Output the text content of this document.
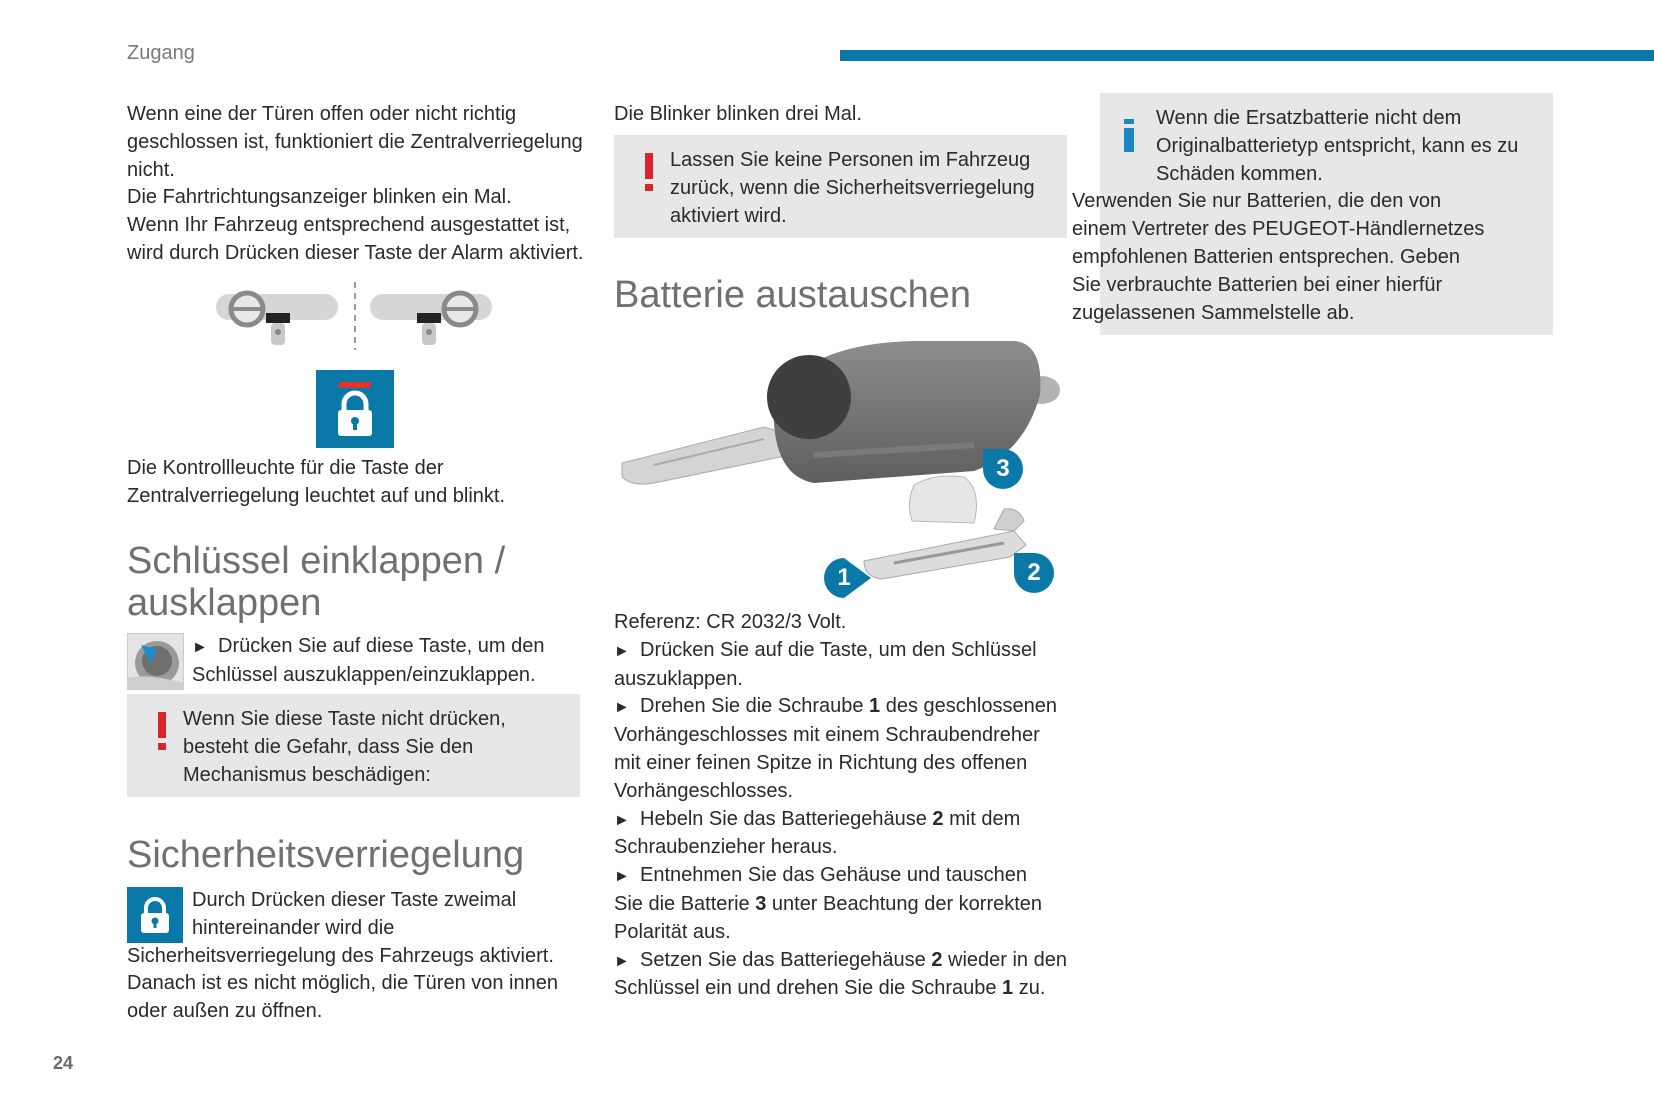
Zugang

Wenn eine der Türen offen oder nicht richtig

geschlossen ist, funktioniert die Zentralverriegelung

nicht.

Die Fahrtrichtungsanzeiger blinken ein Mal.

Wenn Ihr Fahrzeug entsprechend ausgestattet ist,

wird durch Drücken dieser Taste der Alarm aktiviert.

Die Kontrollleuchte für die Taste der

Zentralverriegelung leuchtet auf und blinkt.

Schlüssel einklappen /
ausklappen

► Drücken Sie auf diese Taste, um den

Schlüssel auszuklappen/einzuklappen.

Wenn Sie diese Taste nicht drücken,
besteht die Gefahr, dass Sie den
Mechanismus beschädigen:
Sicherheitsverriegelung

Durch Drücken dieser Taste zweimal

hintereinander wird die

Sicherheitsverriegelung des Fahrzeugs aktiviert.

Danach ist es nicht möglich, die Türen von innen

oder außen zu öffnen.

Die Blinker blinken drei Mal.
Lassen Sie keine Personen im Fahrzeug
zurück, wenn die Sicherheitsverriegelung
aktiviert wird.
Batterie austauschen
3
2
1

Referenz: CR 2032/3 Volt.

► Drücken Sie auf die Taste, um den Schlüssel

auszuklappen.

► Drehen Sie die Schraube 1 des geschlossenen

Vorhängeschlosses mit einem Schraubendreher

mit einer feinen Spitze in Richtung des offenen

Vorhängeschlosses.

► Hebeln Sie das Batteriegehäuse 2 mit dem

Schraubenzieher heraus.

► Entnehmen Sie das Gehäuse und tauschen

Sie die Batterie 3 unter Beachtung der korrekten

Polarität aus.

► Setzen Sie das Batteriegehäuse 2 wieder in den

Schlüssel ein und drehen Sie die Schraube 1 zu.

Wenn die Ersatzbatterie nicht dem
Originalbatterietyp entspricht, kann es zu
Schäden kommen.
Verwenden Sie nur Batterien, die den von
einem Vertreter des PEUGEOT-Händlernetzes
empfohlenen Batterien entsprechen. Geben
Sie verbrauchte Batterien bei einer hierfür
zugelassenen Sammelstelle ab.
24
